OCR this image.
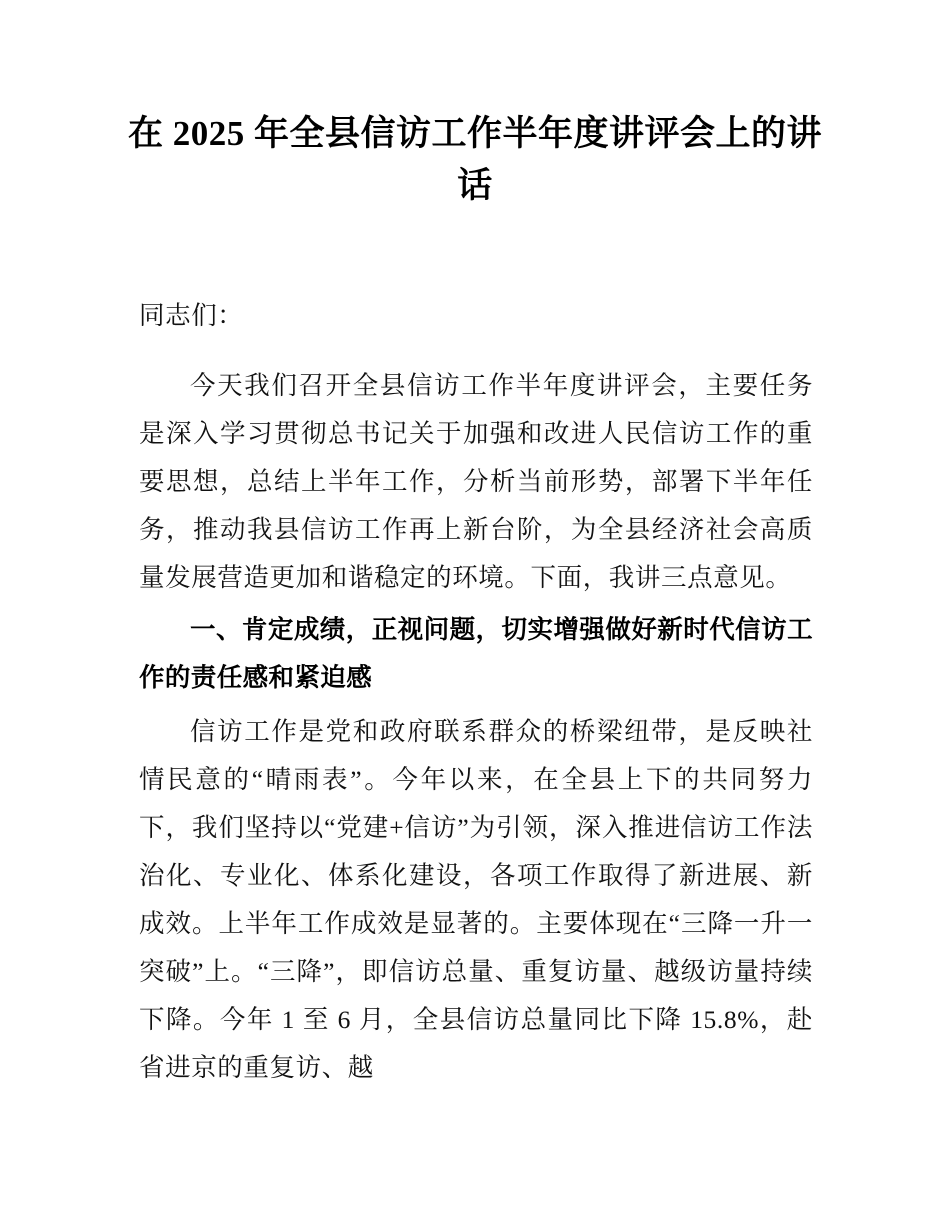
在 2025 年全县信访工作半年度讲评会上的讲
话

同志们：

今天我们召开全县信访工作半年度讲评会，主要任务是深入学习贯彻总书记关于加强和改进人民信访工作的重要思想，总结上半年工作，分析当前形势，部署下半年任务，推动我县信访工作再上新台阶，为全县经济社会高质量发展营造更加和谐稳定的环境。下面，我讲三点意见。

一、肯定成绩，正视问题，切实增强做好新时代信访工作的责任感和紧迫感

信访工作是党和政府联系群众的桥梁纽带，是反映社情民意的“晴雨表”。今年以来，在全县上下的共同努力下，我们坚持以“党建+信访”为引领，深入推进信访工作法治化、专业化、体系化建设，各项工作取得了新进展、新成效。上半年工作成效是显著的。主要体现在“三降一升一突破”上。“三降”，即信访总量、重复访量、越级访量持续下降。今年 1 至 6 月，全县信访总量同比下降 15.8%，赴省进京的重复访、越
